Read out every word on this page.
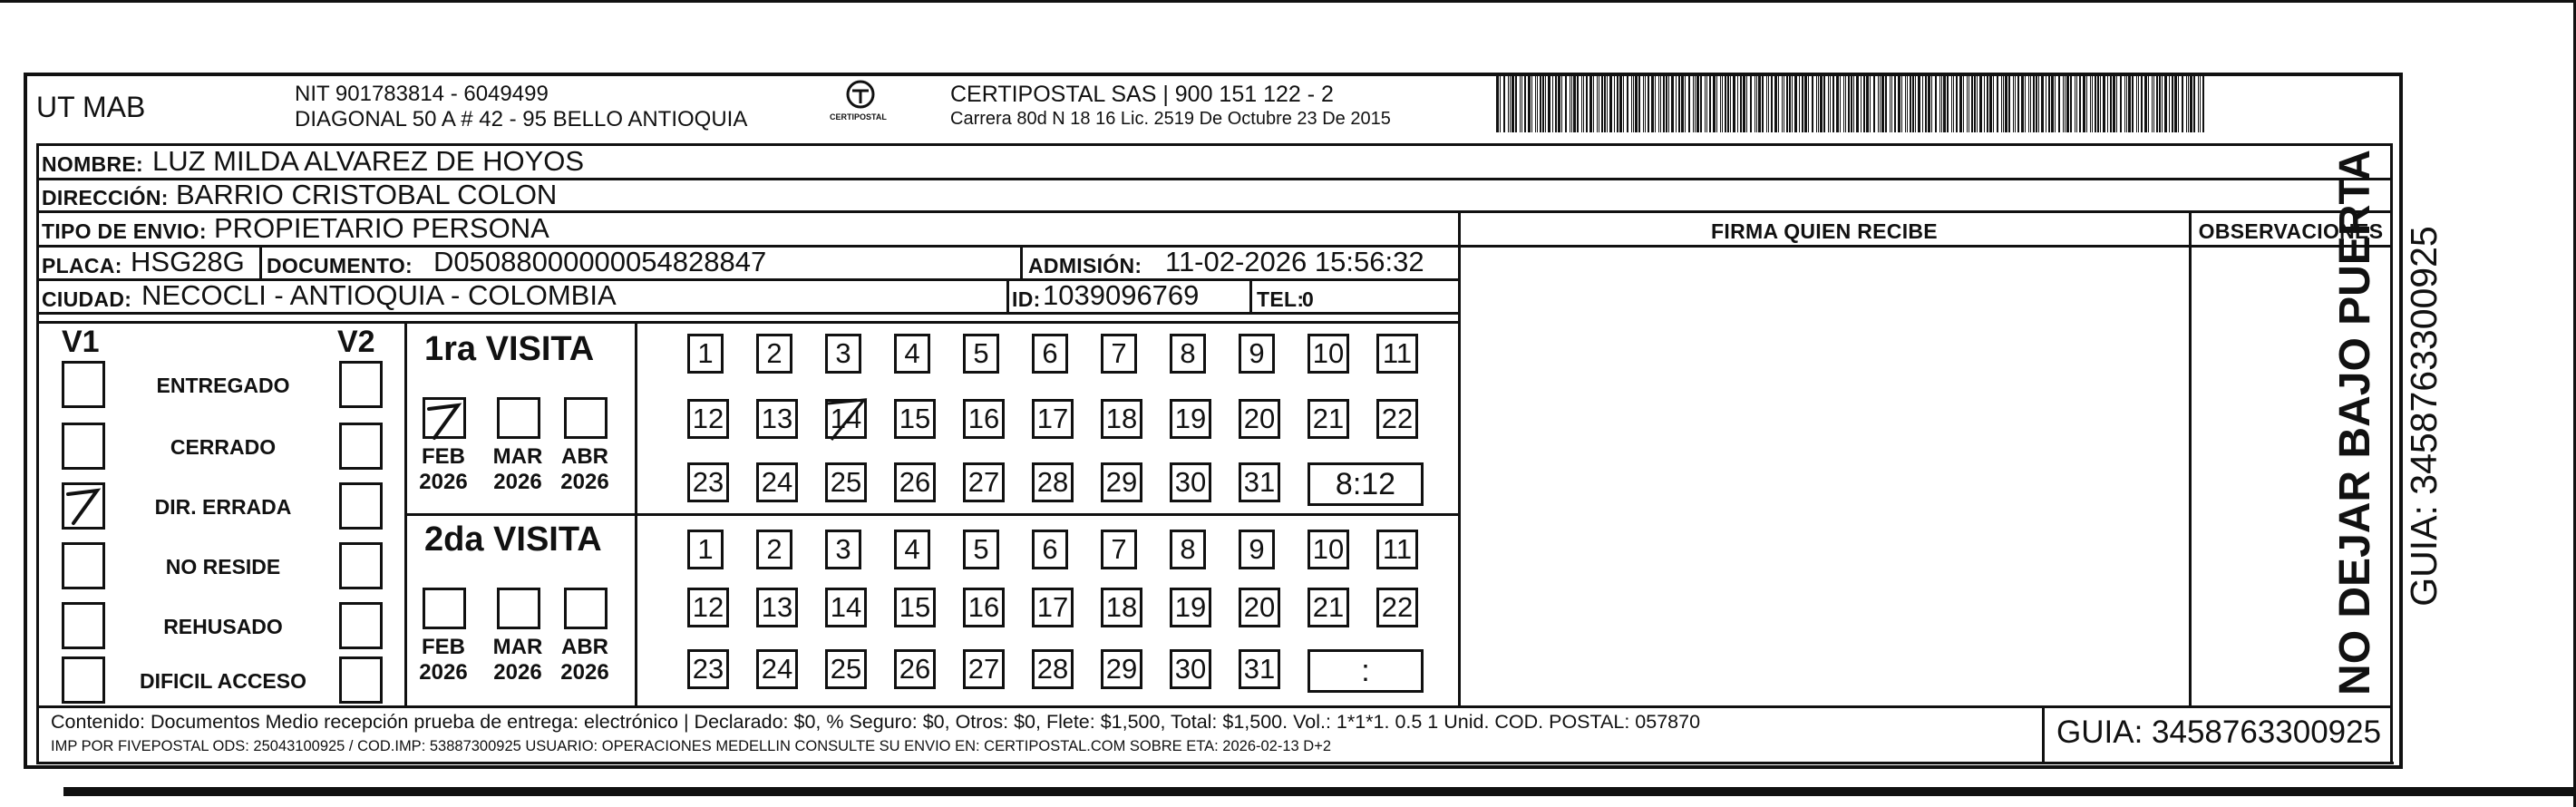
UT MAB	NIT 901783814 - 6049499
DIAGONAL 50 A # 42 - 95 BELLO ANTIOQUIA	CERTIPOSTAL
CERTIPOSTAL SAS | 900 151 122 - 2
Carrera 80d N 18 16 Lic. 2519 De Octubre 23 De 2015
NOMBRE: LUZ MILDA ALVAREZ DE HOYOS
DIRECCIÓN: BARRIO CRISTOBAL COLON
TIPO DE ENVIO: PROPIETARIO PERSONA	FIRMA QUIEN RECIBE	OBSERVACIONES
PLACA: HSG28G DOCUMENTO: D05088000000054828847	ADMISIÓN: 11-02-2026 15:56:32
CIUDAD: NECOCLI - ANTIOQUIA - COLOMBIA	ID: 1039096769	TEL:
0
V1	V2
ENTREGADO
CERRADO
DIR. ERRADA
NO RESIDE
REHUSADO
DIFICIL ACCESO
1ra VISITA
FEB
2026
MAR
2026
ABR
2026
1	2	3	4	5	6	7	8	9	10 11
12 13 14 15 16 17 18 19 20 21 22
23 24 25 26 27 28 29 30 31	8:12
2da VISITA
FEB
2026
MAR
2026
ABR
2026
1	2	3	4	5	6	7	8	9	10 11
12 13 14 15 16 17 18 19 20 21 22
23 24 25 26 27 28 29 30 31	:
Contenido: Documentos Medio recepción prueba de entrega: electrónico | Declarado: $0, % Seguro: $0, Otros: $0, Flete: $1,500, Total: $1,500. Vol.: 1*1*1. 0.5 1 Unid. COD. POSTAL: 057870
IMP POR FIVEPOSTAL ODS: 25043100925 / COD.IMP: 53887300925 USUARIO: OPERACIONES MEDELLIN CONSULTE SU ENVIO EN: CERTIPOSTAL.COM SOBRE ETA: 2026-02-13 D+2	GUIA: 3458763300925
NO DEJAR BAJO PUERTA GUIA: 3458763300925
